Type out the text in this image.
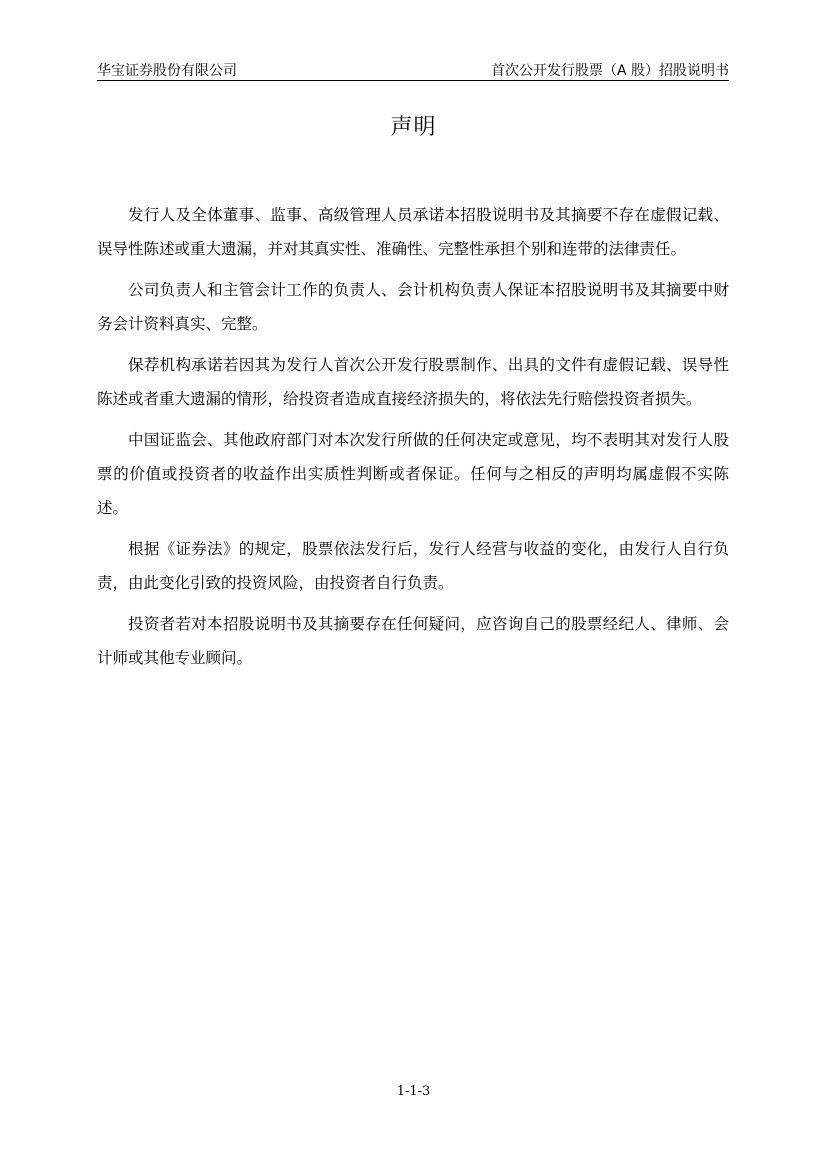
华宝证券股份有限公司	首次公开发行股票（A 股）招股说明书
声明

发行人及全体董事、监事、高级管理人员承诺本招股说明书及其摘要不存在虚假记载、误导性陈述或重大遗漏，并对其真实性、准确性、完整性承担个别和连带的法律责任。

公司负责人和主管会计工作的负责人、会计机构负责人保证本招股说明书及其摘要中财务会计资料真实、完整。

保荐机构承诺若因其为发行人首次公开发行股票制作、出具的文件有虚假记载、误导性陈述或者重大遗漏的情形，给投资者造成直接经济损失的，将依法先行赔偿投资者损失。

中国证监会、其他政府部门对本次发行所做的任何决定或意见，均不表明其对发行人股票的价值或投资者的收益作出实质性判断或者保证。任何与之相反的声明均属虚假不实陈述。

根据《证券法》的规定，股票依法发行后，发行人经营与收益的变化，由发行人自行负责，由此变化引致的投资风险，由投资者自行负责。

投资者若对本招股说明书及其摘要存在任何疑问，应咨询自己的股票经纪人、律师、会计师或其他专业顾问。

1-1-3
